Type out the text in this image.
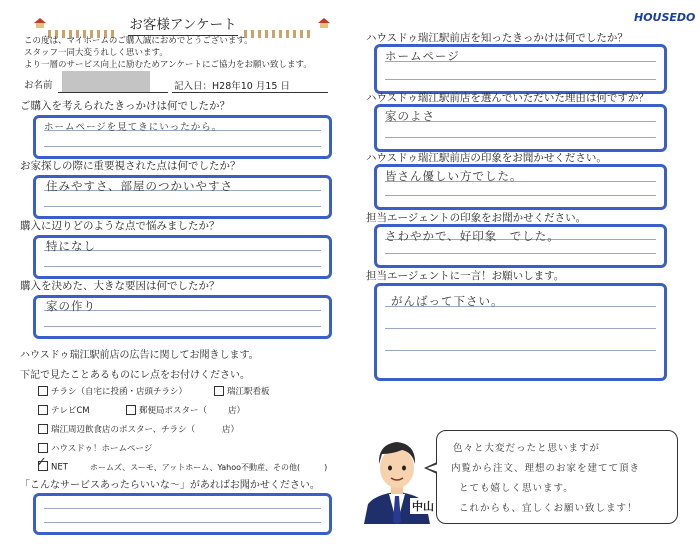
お客様アンケート	HOUSEDO
この度は、マイホームのご購入誠におめでとうございます。
スタッフ一同大変うれしく思います。
より一層のサービス向上に励むためアンケートにご協力をお願い致します。
お名前	記入日：H28年10 月15 日
ご購入を考えられたきっかけは何でしたか？
ホームページを見てきにいったから。
お家探しの際に重要視された点は何でしたか？
住みやすさ、部屋のつかいやすさ
購入に辺りどのような点で悩みましたか？
特になし
購入を決めた、大きな要因は何でしたか？
家の作り
ハウスドゥ瑞江駅前店の広告に関してお聞きします。
下記で見たことあるものにレ点をお付けください。
チラシ（自宅に投函・店頭チラシ）	瑞江駅看板
テレビCM	郵便局ポスター（ 店）
瑞江周辺飲食店のポスター、チラシ（	店）
ハウスドゥ！ホームページ
NET
✓	ホームズ、スーモ、アットホーム、Yahoo不動産、その他(　　　)
「こんなサービスあったらいいな～」があればお聞かせください。
ハウスドゥ瑞江駅前店を知ったきっかけは何でしたか？
ホームページ
ハウスドゥ瑞江駅前店を選んでいただいた理由は何ですか？
家のよさ
ハウスドゥ瑞江駅前店の印象をお聞かせください。
皆さん優しい方でした。
担当エージェントの印象をお聞かせください。
さわやかで、好印象　でした。
担当エージェントに一言！お願いします。
がんばって下さい。
中山
色々と大変だったと思いますが
内覧から注文、理想のお家を建てて頂き
とても嬉しく思います。
これからも、宜しくお願い致します！
